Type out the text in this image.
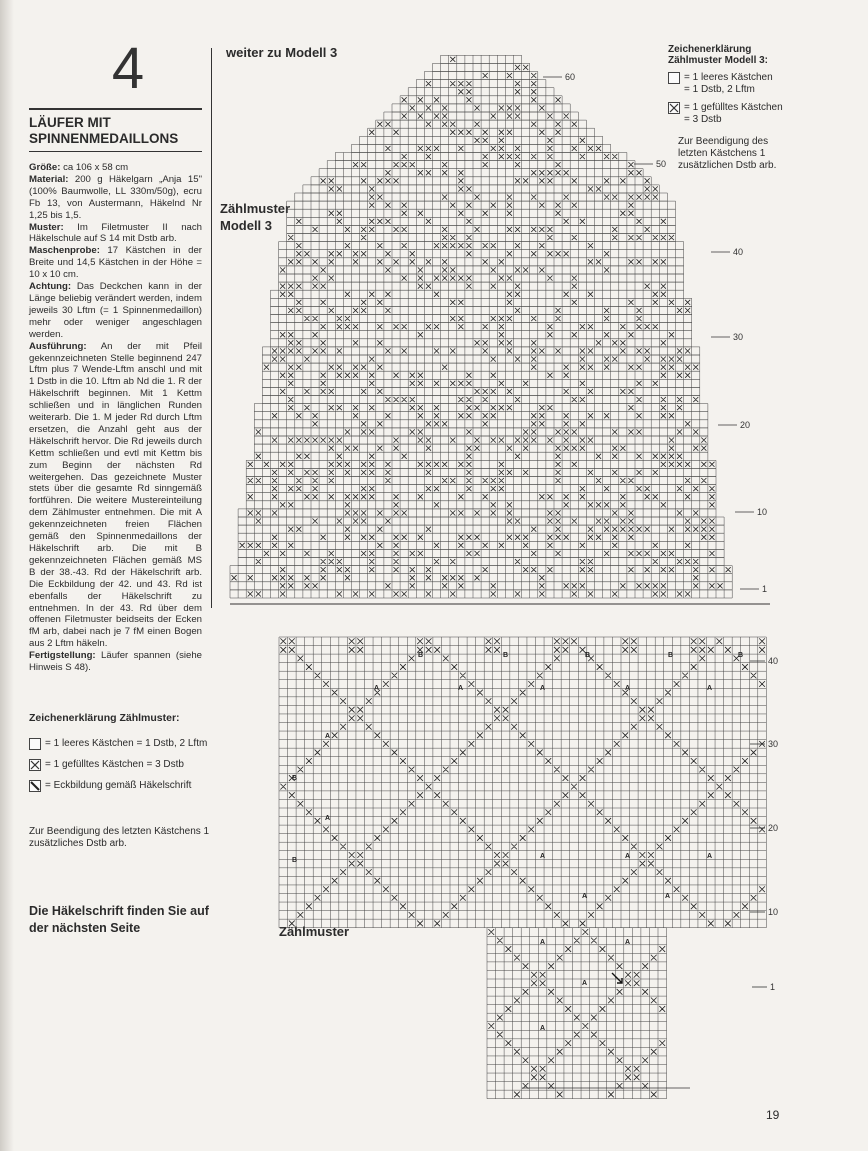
4
LÄUFER MIT
SPINNENMEDAILLONS

Größe: ca 106 x 58 cm

Material: 200 g Häkelgarn „Anja 15" (100% Baumwolle, LL 330m/50g), ecru Fb 13, von Austermann, Häkelnd Nr 1,25 bis 1,5.

Muster: Im Filetmuster II nach Häkelschule auf S 14 mit Dstb arb.

Maschenprobe: 17 Kästchen in der Breite und 14,5 Kästchen in der Höhe = 10 x 10 cm.

Achtung: Das Deckchen kann in der Länge beliebig verändert werden, indem jeweils 30 Lftm (= 1 Spinnenmedaillon) mehr oder weniger angeschlagen werden.

Ausführung: An der mit Pfeil gekennzeichneten Stelle beginnend 247 Lftm plus 7 Wende-Lftm anschl und mit 1 Dstb in die 10. Lftm ab Nd die 1. R der Häkelschrift beginnen. Mit 1 Kettm schließen und in länglichen Runden weiterarb. Die 1. M jeder Rd durch Lftm ersetzen, die Anzahl geht aus der Häkelschrift hervor. Die Rd jeweils durch Kettm schließen und evtl mit Kettm bis zum Beginn der nächsten Rd weitergehen. Das gezeichnete Muster stets über die gesamte Rd sinngemäß fortführen. Die weitere Mustereinteilung dem Zählmuster entnehmen. Die mit A gekennzeichneten freien Flächen gemäß den Spinnenmedaillons der Häkelschrift arb. Die mit B gekennzeichneten Flächen gemäß MS B der 38.-43. Rd der Häkelschrift arb. Die Eckbildung der 42. und 43. Rd ist ebenfalls der Häkelschrift zu entnehmen. In der 43. Rd über dem offenen Filetmuster beidseits der Ecken fM arb, dabei nach je 7 fM einen Bogen aus 2 Lftm häkeln.

Fertigstellung: Läufer spannen (siehe Hinweis S 48).

Zeichenerklärung Zählmuster:
= 1 leeres Kästchen = 1 Dstb, 2 Lftm
= 1 gefülltes Kästchen = 3 Dstb
= Eckbildung gemäß Häkelschrift
Zur Beendigung des letzten Kästchens 1 zusätzliches Dstb arb.
Die Häkelschrift finden Sie auf der nächsten Seite
weiter zu Modell 3
Zählmuster
Modell 3
Zählmuster
Zeichenerklärung
Zählmuster Modell 3:
= 1 leeres Kästchen
= 1 Dstb, 2 Lftm
= 1 gefülltes Kästchen
= 3 Dstb
Zur Beendigung des letzten Kästchens 1 zusätzlichen Dstb arb.
60
50
40
30
20
10
1
A	A	A	A	A
B	B	B	B	B
A
A
B
B
A	A	A
A	A
A	A
A
A
40
30
20
10
1
19
